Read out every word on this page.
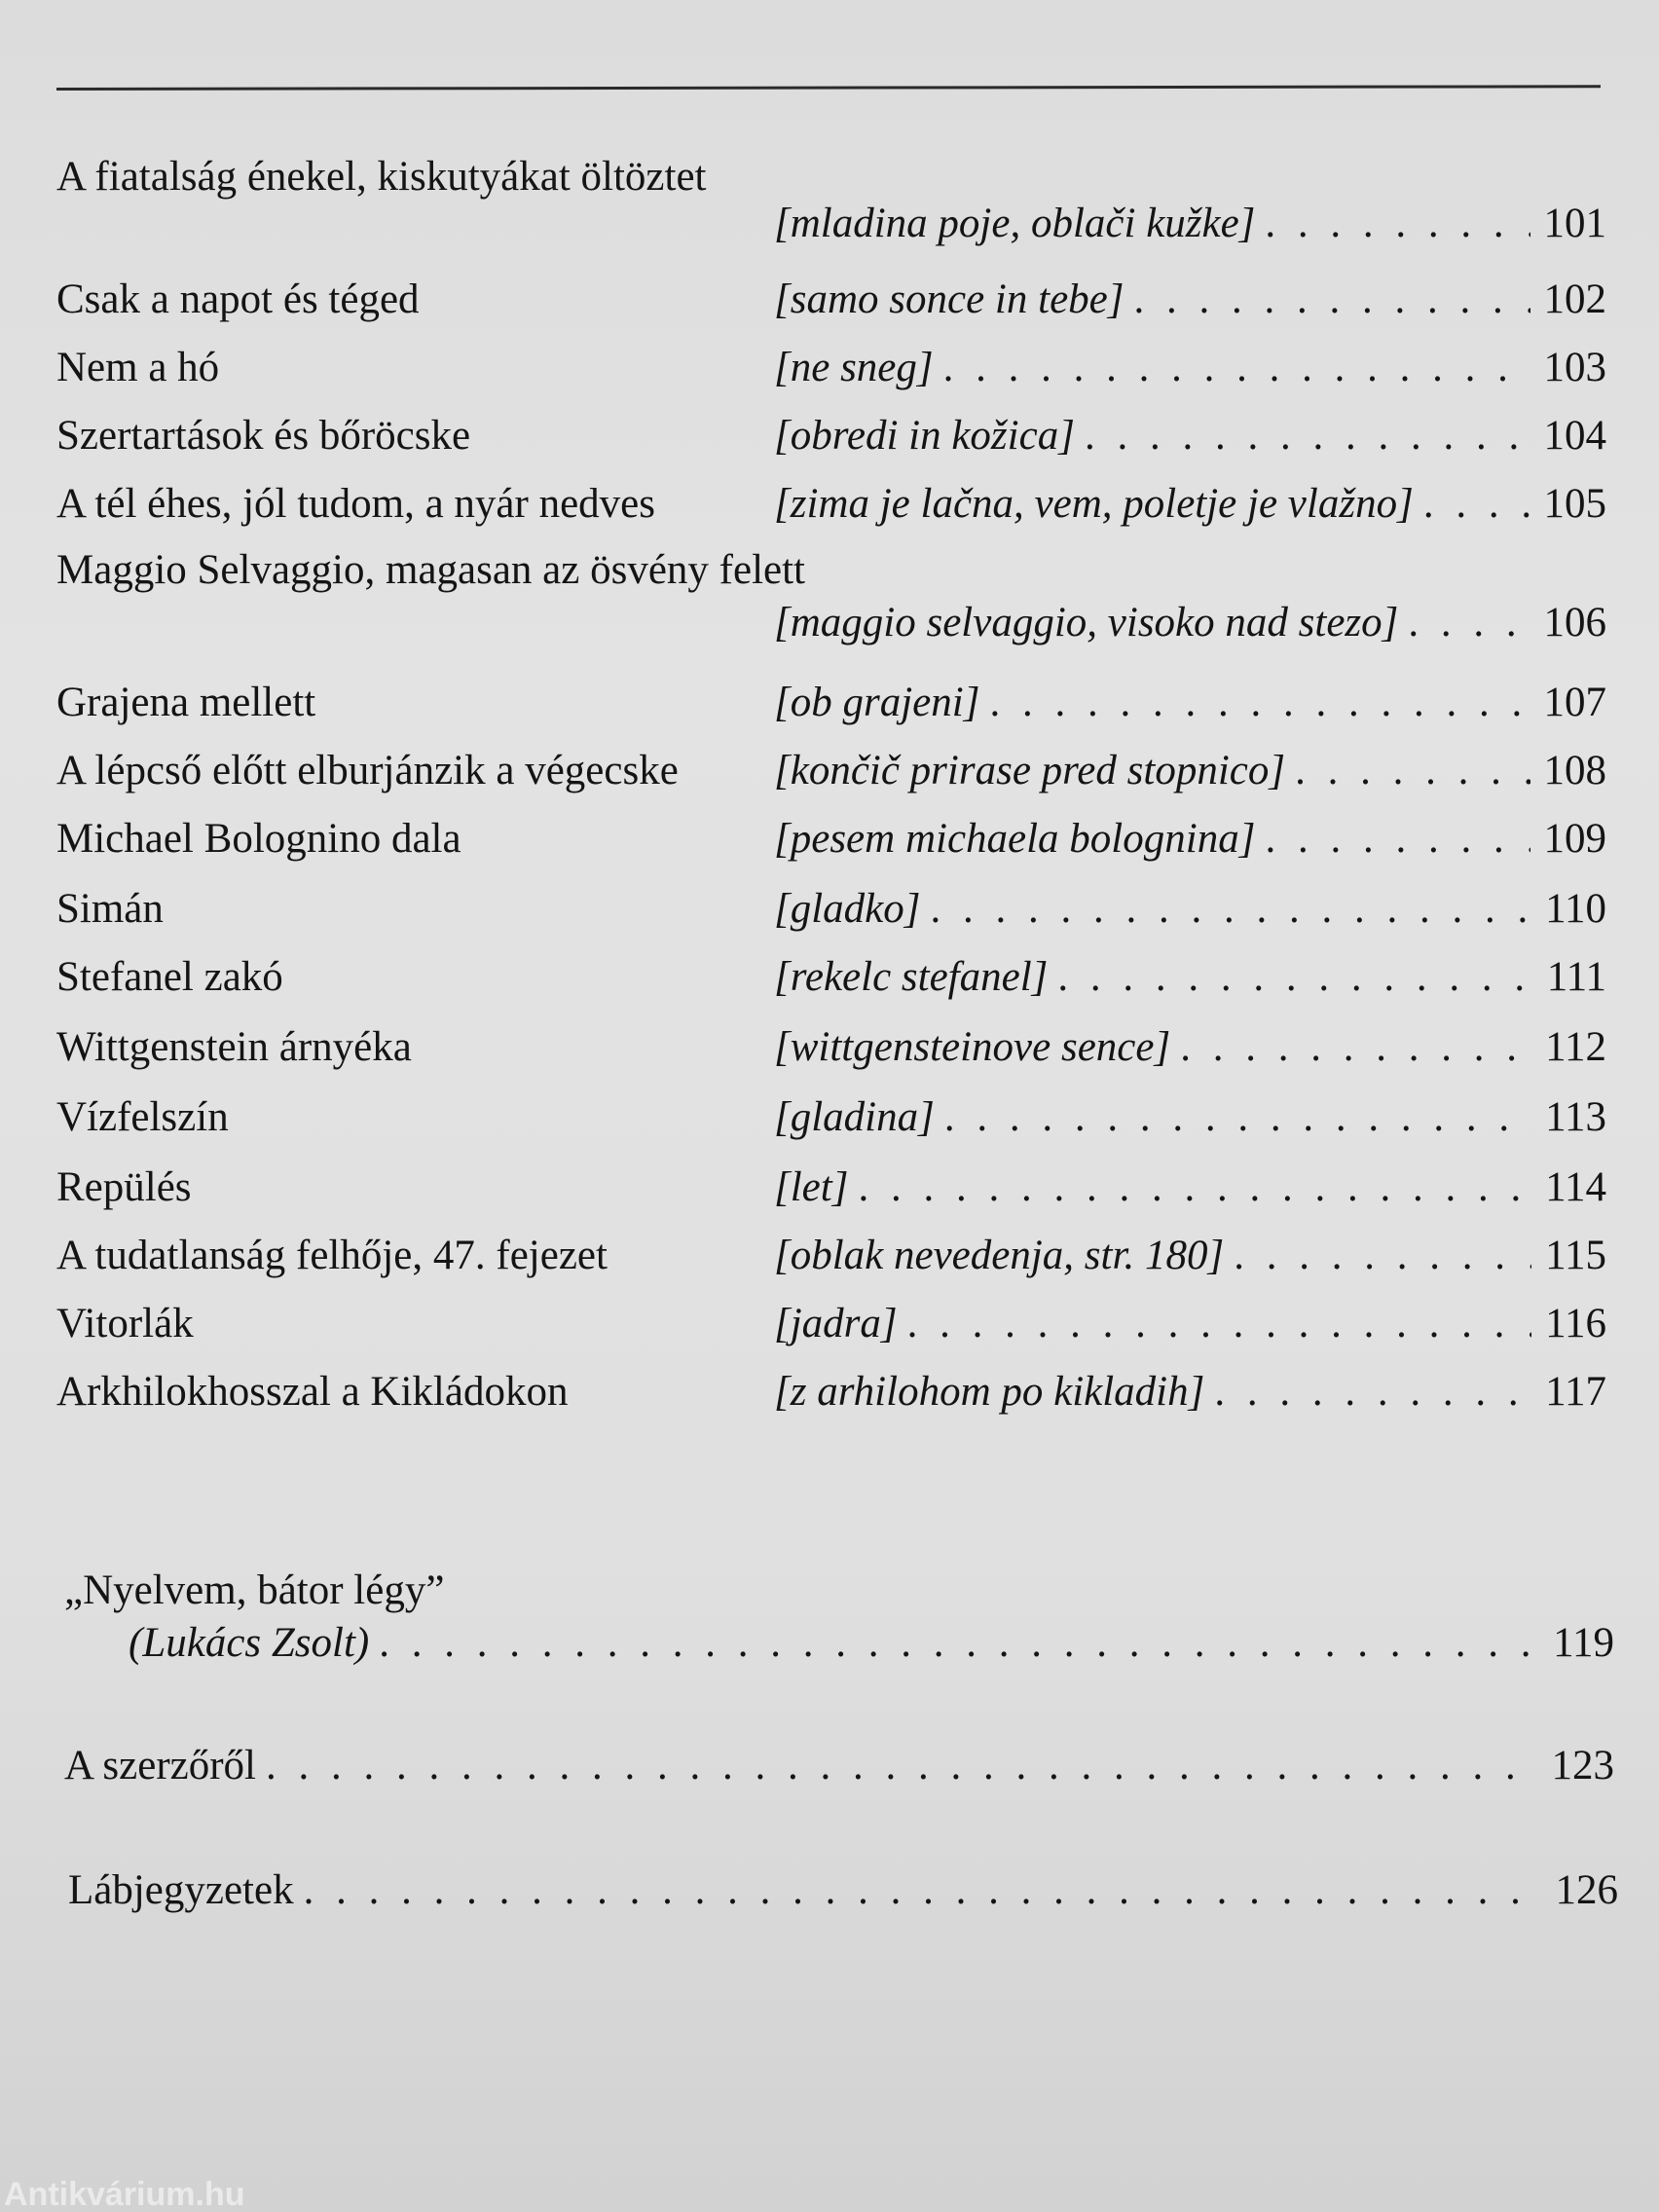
A fiatalság énekel, kiskutyákat öltöztet
[mladina poje, oblači kužke] . . .	101
Csak a napot és téged	[samo sonce in tebe] . . .	102
Nem a hó	[ne sneg] . . .	103
Szertartások és bőröcske	[obredi in kožica] . . .	104
A tél éhes, jól tudom, a nyár nedves	[zima je lačna, vem, poletje je vlažno] . . .	105
Maggio Selvaggio, magasan az ösvény felett
[maggio selvaggio, visoko nad stezo] . . .	106
Grajena mellett	[ob grajeni] . . .	107
A lépcső előtt elburjánzik a végecske [končič prirase pred stopnico] . . .	108
Michael Bolognino dala	[pesem michaela bolognina] . . .	109
Simán	[gladko] . . .	110
Stefanel zakó	[rekelc stefanel] . . .	111
Wittgenstein árnyéka	[wittgensteinove sence] . . .	112
Vízfelszín	[gladina] . . .	113
Repülés	[let] . . .	114
A tudatlanság felhője, 47. fejezet	[oblak nevedenja, str. 180] . . .	115
Vitorlák	[jadra] . . .	116
Arkhilokhosszal a Kikládokon	[z arhilohom po kikladih] . . .	117
„Nyelvem, bátor légy”
(Lukács Zsolt) . . .	119
A szerzőről . . .	123
Lábjegyzetek . . .	126
Antikvárium.hu
